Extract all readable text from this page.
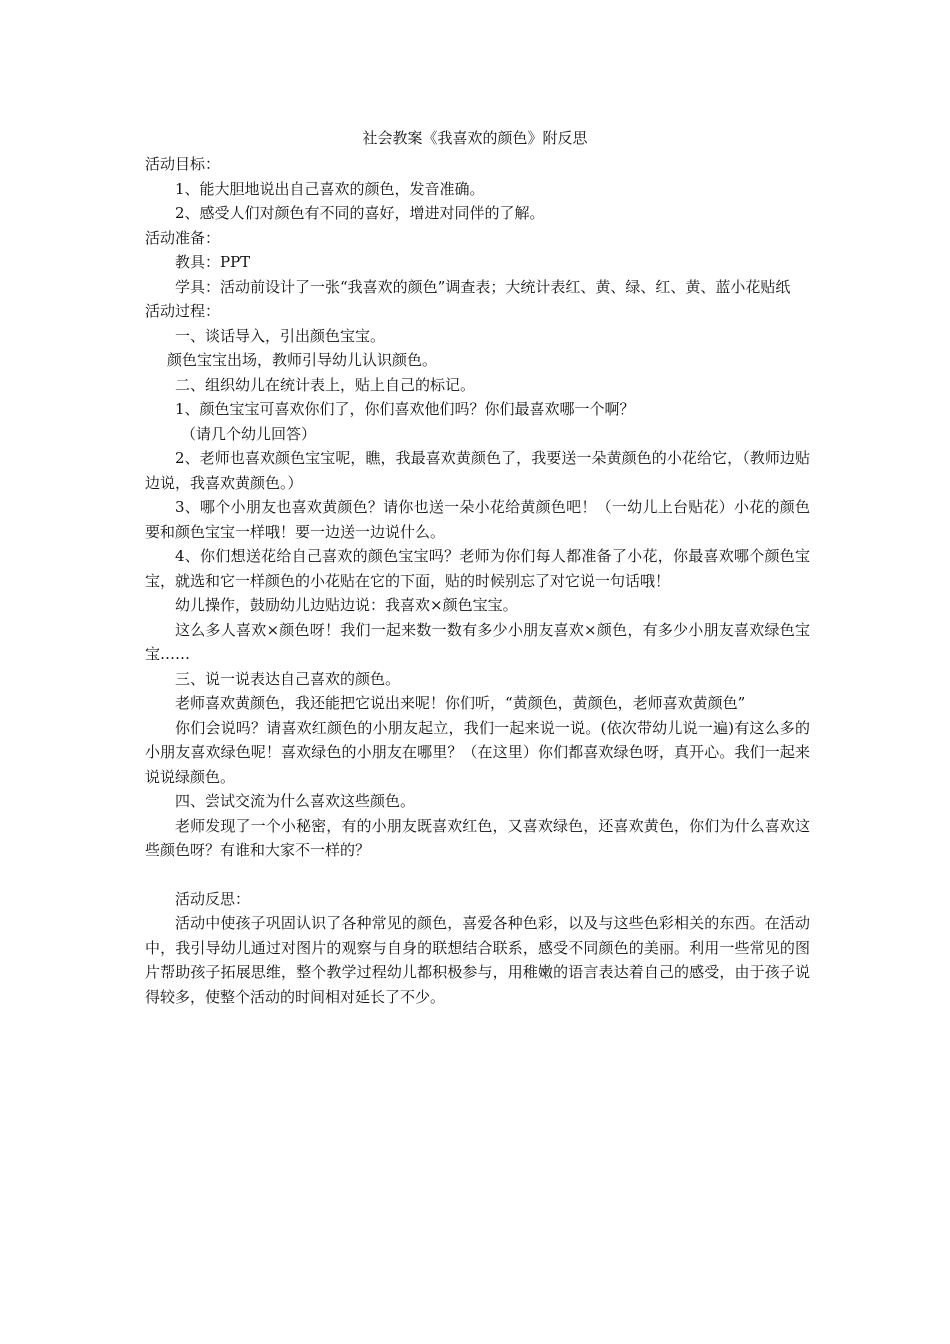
社会教案《我喜欢的颜色》附反思

活动目标：

1、能大胆地说出自己喜欢的颜色，发音准确。

2、感受人们对颜色有不同的喜好，增进对同伴的了解。

活动准备：

教具：PPT

学具：活动前设计了一张“我喜欢的颜色”调查表；大统计表红、黄、绿、红、黄、蓝小花贴纸

活动过程：

一、谈话导入，引出颜色宝宝。

颜色宝宝出场，教师引导幼儿认识颜色。

二、组织幼儿在统计表上，贴上自己的标记。

1、颜色宝宝可喜欢你们了，你们喜欢他们吗？你们最喜欢哪一个啊？

（请几个幼儿回答）

2、老师也喜欢颜色宝宝呢，瞧，我最喜欢黄颜色了，我要送一朵黄颜色的小花给它，（教师边贴边说，我喜欢黄颜色。）

3、哪个小朋友也喜欢黄颜色？请你也送一朵小花给黄颜色吧！（一幼儿上台贴花）小花的颜色要和颜色宝宝一样哦！要一边送一边说什么。

4、你们想送花给自己喜欢的颜色宝宝吗？老师为你们每人都准备了小花，你最喜欢哪个颜色宝宝，就选和它一样颜色的小花贴在它的下面，贴的时候别忘了对它说一句话哦！

幼儿操作，鼓励幼儿边贴边说：我喜欢×颜色宝宝。

这么多人喜欢×颜色呀！我们一起来数一数有多少小朋友喜欢×颜色，有多少小朋友喜欢绿色宝宝……

三、说一说表达自己喜欢的颜色。

老师喜欢黄颜色，我还能把它说出来呢！你们听，“黄颜色，黄颜色，老师喜欢黄颜色”

你们会说吗？请喜欢红颜色的小朋友起立，我们一起来说一说。(依次带幼儿说一遍)有这么多的小朋友喜欢绿色呢！喜欢绿色的小朋友在哪里？（在这里）你们都喜欢绿色呀，真开心。我们一起来说说绿颜色。

四、尝试交流为什么喜欢这些颜色。

老师发现了一个小秘密，有的小朋友既喜欢红色，又喜欢绿色，还喜欢黄色，你们为什么喜欢这些颜色呀？有谁和大家不一样的？

活动反思：

活动中使孩子巩固认识了各种常见的颜色，喜爱各种色彩，以及与这些色彩相关的东西。在活动中，我引导幼儿通过对图片的观察与自身的联想结合联系，感受不同颜色的美丽。利用一些常见的图片帮助孩子拓展思维，整个教学过程幼儿都积极参与，用稚嫩的语言表达着自己的感受，由于孩子说得较多，使整个活动的时间相对延长了不少。
